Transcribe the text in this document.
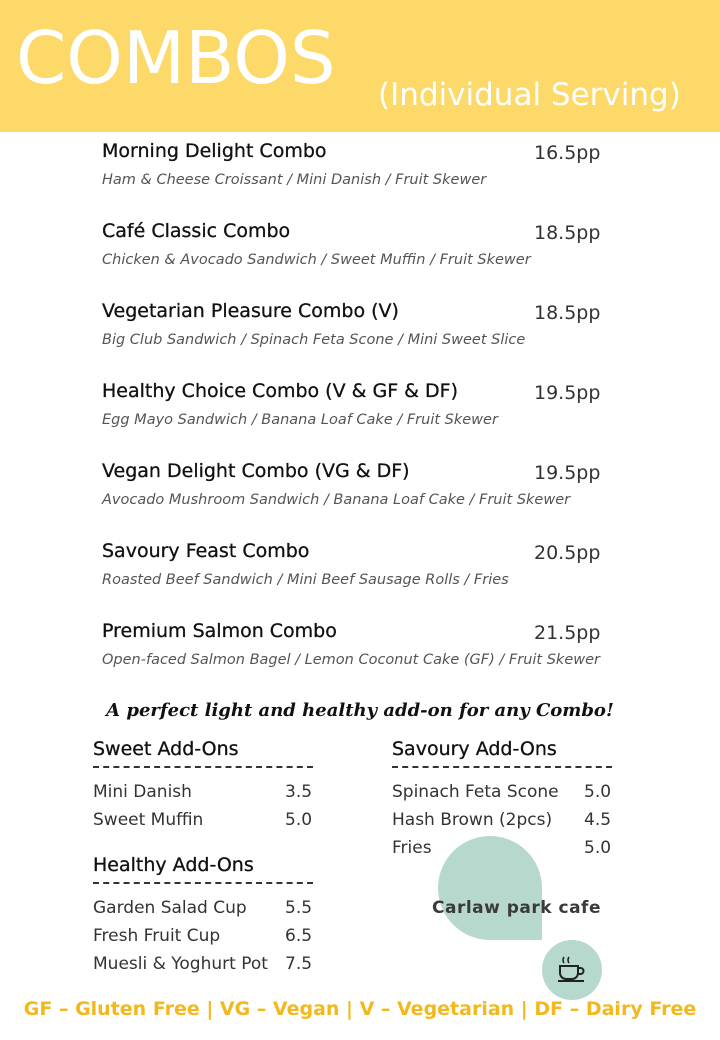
COMBOS (Individual Serving)
Morning Delight Combo	16.5pp
Ham & Cheese Croissant / Mini Danish / Fruit Skewer
Café Classic Combo	18.5pp
Chicken & Avocado Sandwich / Sweet Muffin / Fruit Skewer
Vegetarian Pleasure Combo (V)	18.5pp
Big Club Sandwich / Spinach Feta Scone / Mini Sweet Slice
Healthy Choice Combo (V & GF & DF)	19.5pp
Egg Mayo Sandwich / Banana Loaf Cake / Fruit Skewer
Vegan Delight Combo (VG & DF)	19.5pp
Avocado Mushroom Sandwich / Banana Loaf Cake / Fruit Skewer
Savoury Feast Combo	20.5pp
Roasted Beef Sandwich / Mini Beef Sausage Rolls / Fries
Premium Salmon Combo	21.5pp
Open-faced Salmon Bagel / Lemon Coconut Cake (GF) / Fruit Skewer
A perfect light and healthy add-on for any Combo!
Sweet Add-Ons
Mini Danish	3.5
Sweet Muffin	5.0
Healthy Add-Ons
Garden Salad Cup 5.5
Fresh Fruit Cup	6.5
Muesli & Yoghurt Pot 7.5
Savoury Add-Ons
Spinach Feta Scone 5.0
Hash Brown (2pcs) 4.5
Fries	5.0
Carlaw park cafe
GF – Gluten Free | VG – Vegan | V – Vegetarian | DF – Dairy Free
